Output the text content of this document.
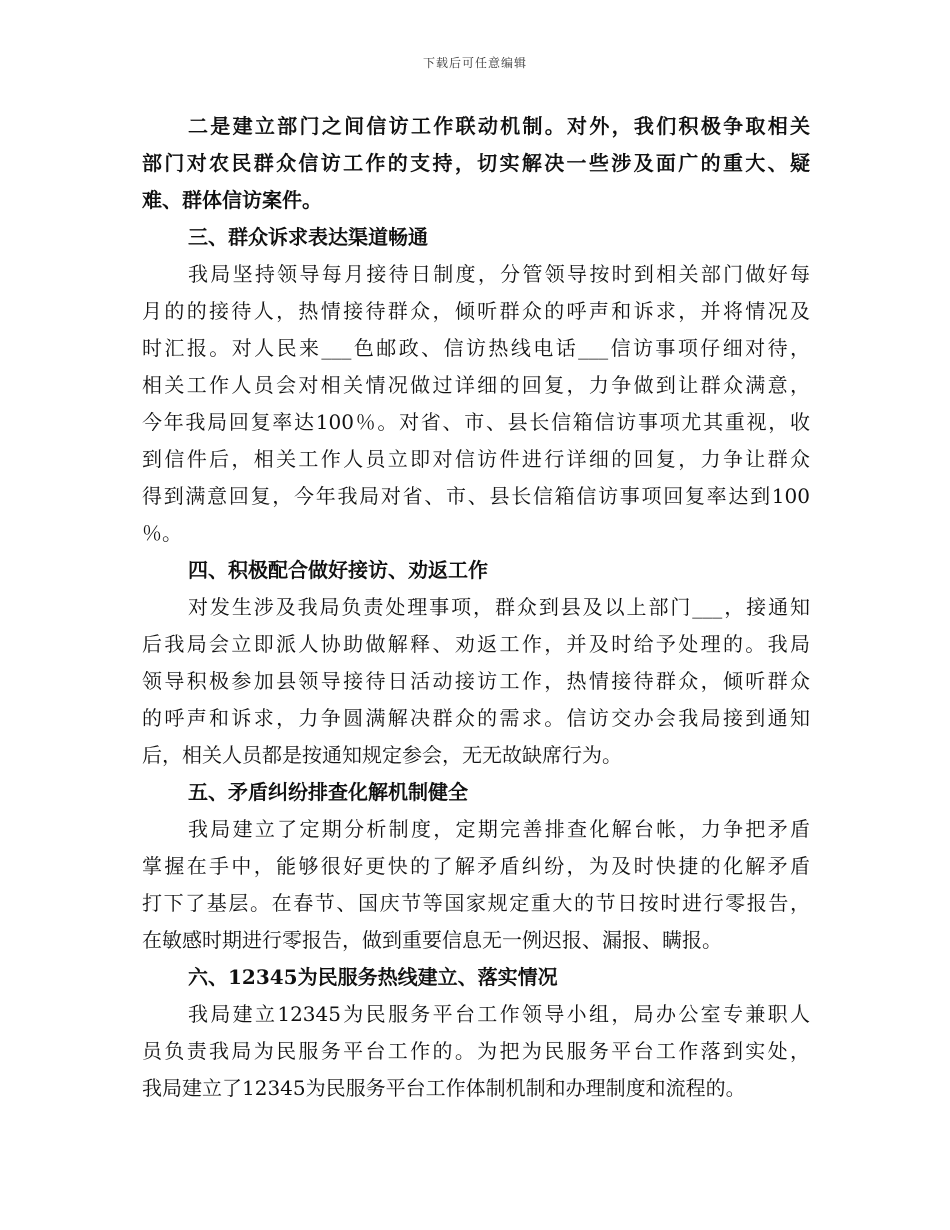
下载后可任意编辑
二是建立部门之间信访工作联动机制。对外，我们积极争取相关
部门对农民群众信访工作的支持，切实解决一些涉及面广的重大、疑
难、群体信访案件。
三、群众诉求表达渠道畅通
我局坚持领导每月接待日制度，分管领导按时到相关部门做好每
月的的接待人，热情接待群众，倾听群众的呼声和诉求，并将情况及
时汇报。对人民来___色邮政、信访热线电话___信访事项仔细对待，
相关工作人员会对相关情况做过详细的回复，力争做到让群众满意，
今年我局回复率达100％。对省、市、县长信箱信访事项尤其重视，收
到信件后，相关工作人员立即对信访件进行详细的回复，力争让群众
得到满意回复，今年我局对省、市、县长信箱信访事项回复率达到100
％。
四、积极配合做好接访、劝返工作
对发生涉及我局负责处理事项，群众到县及以上部门___，接通知
后我局会立即派人协助做解释、劝返工作，并及时给予处理的。我局
领导积极参加县领导接待日活动接访工作，热情接待群众，倾听群众
的呼声和诉求，力争圆满解决群众的需求。信访交办会我局接到通知
后，相关人员都是按通知规定参会，无无故缺席行为。
五、矛盾纠纷排查化解机制健全
我局建立了定期分析制度，定期完善排查化解台帐，力争把矛盾
掌握在手中，能够很好更快的了解矛盾纠纷，为及时快捷的化解矛盾
打下了基层。在春节、国庆节等国家规定重大的节日按时进行零报告，
在敏感时期进行零报告，做到重要信息无一例迟报、漏报、瞒报。
六、12345为民服务热线建立、落实情况
我局建立12345为民服务平台工作领导小组，局办公室专兼职人
员负责我局为民服务平台工作的。为把为民服务平台工作落到实处，
我局建立了12345为民服务平台工作体制机制和办理制度和流程的。
